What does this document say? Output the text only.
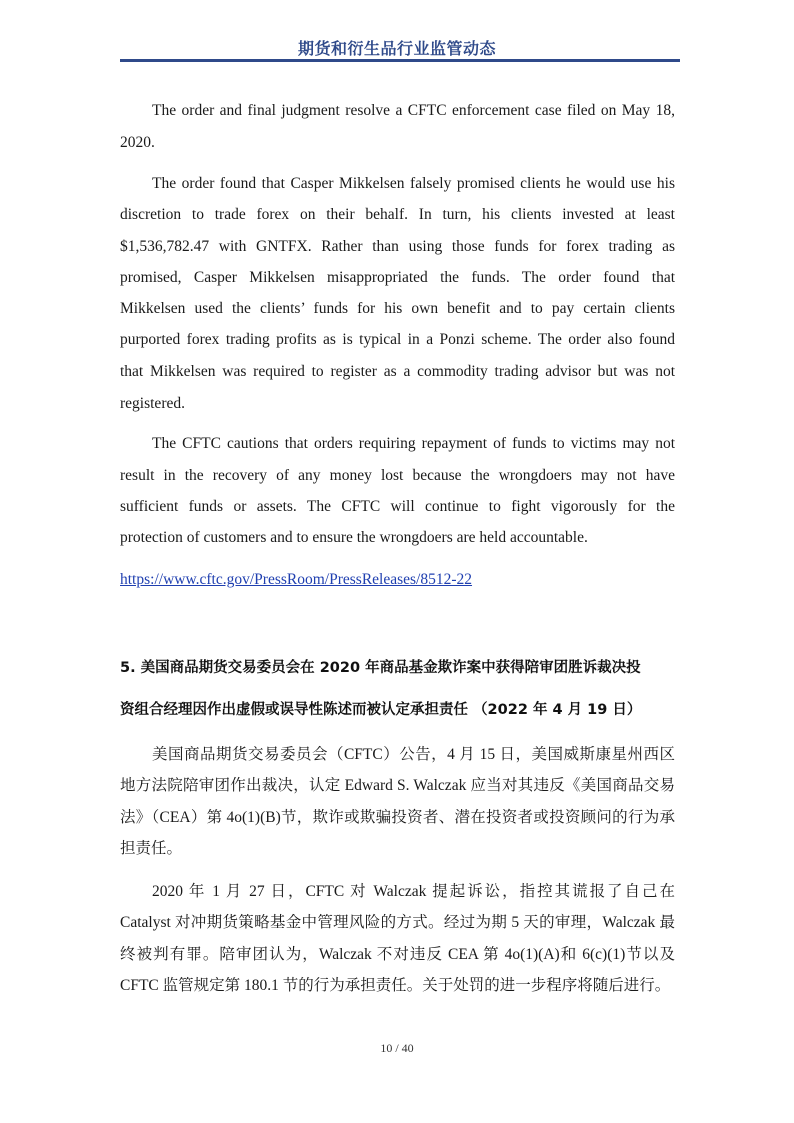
期货和衍生品行业监管动态
The order and final judgment resolve a CFTC enforcement case filed on May 18,
2020.
The order found that Casper Mikkelsen falsely promised clients he would use his
discretion to trade forex on their behalf. In turn, his clients invested at least
$1,536,782.47 with GNTFX. Rather than using those funds for forex trading as
promised, Casper Mikkelsen misappropriated the funds. The order found that
Mikkelsen used the clients’ funds for his own benefit and to pay certain clients
purported forex trading profits as is typical in a Ponzi scheme. The order also found
that Mikkelsen was required to register as a commodity trading advisor but was not
registered.
The CFTC cautions that orders requiring repayment of funds to victims may not
result in the recovery of any money lost because the wrongdoers may not have
sufficient funds or assets. The CFTC will continue to fight vigorously for the
protection of customers and to ensure the wrongdoers are held accountable.
https://www.cftc.gov/PressRoom/PressReleases/8512-22
5. 美国商品期货交易委员会在 2020 年商品基金欺诈案中获得陪审团胜诉裁决投
资组合经理因作出虚假或误导性陈述而被认定承担责任 （2022 年 4 月 19 日）
美国商品期货交易委员会（CFTC）公告，4 月 15 日，美国威斯康星州西区地方法院陪审团作出裁决，认定 Edward S. Walczak 应当对其违反《美国商品交易法》（CEA）第 4o(1)(B)节，欺诈或欺骗投资者、潜在投资者或投资顾问的行为承担责任。
2020 年 1 月 27 日，CFTC 对 Walczak 提起诉讼，指控其谎报了自己在 Catalyst 对冲期货策略基金中管理风险的方式。经过为期 5 天的审理，Walczak 最终被判有罪。陪审团认为，Walczak 不对违反 CEA 第 4o(1)(A)和 6(c)(1)节以及 CFTC 监管规定第 180.1 节的行为承担责任。关于处罚的进一步程序将随后进行。
10 / 40
